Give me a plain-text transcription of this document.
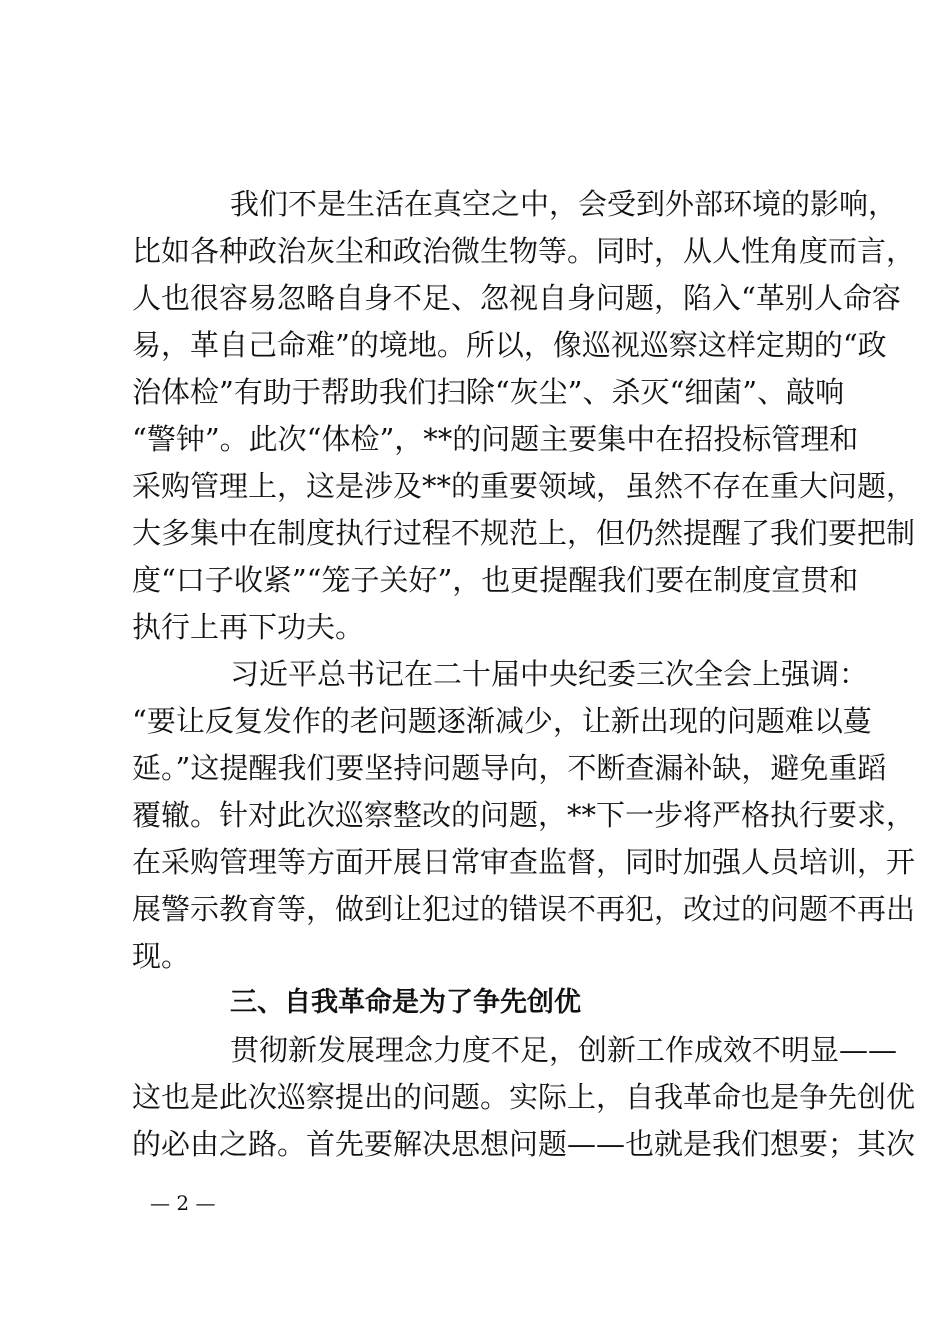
我们不是生活在真空之中，会受到外部环境的影响，
比如各种政治灰尘和政治微生物等。同时，从人性角度而言，
人也很容易忽略自身不足、忽视自身问题，陷入“革别人命容
易，革自己命难”的境地。所以，像巡视巡察这样定期的“政
治体检”有助于帮助我们扫除“灰尘”、杀灭“细菌”、敲响
“警钟”。此次“体检”，**的问题主要集中在招投标管理和
采购管理上，这是涉及**的重要领域，虽然不存在重大问题，
大多集中在制度执行过程不规范上，但仍然提醒了我们要把制
度“口子收紧”“笼子关好”，也更提醒我们要在制度宣贯和
执行上再下功夫。
习近平总书记在二十届中央纪委三次全会上强调：
“要让反复发作的老问题逐渐减少，让新出现的问题难以蔓
延。”这提醒我们要坚持问题导向，不断查漏补缺，避免重蹈
覆辙。针对此次巡察整改的问题，**下一步将严格执行要求，
在采购管理等方面开展日常审查监督，同时加强人员培训，开
展警示教育等，做到让犯过的错误不再犯，改过的问题不再出
现。
三、自我革命是为了争先创优
贯彻新发展理念力度不足，创新工作成效不明显——
这也是此次巡察提出的问题。实际上，自我革命也是争先创优
的必由之路。首先要解决思想问题——也就是我们想要；其次
— 2 —
